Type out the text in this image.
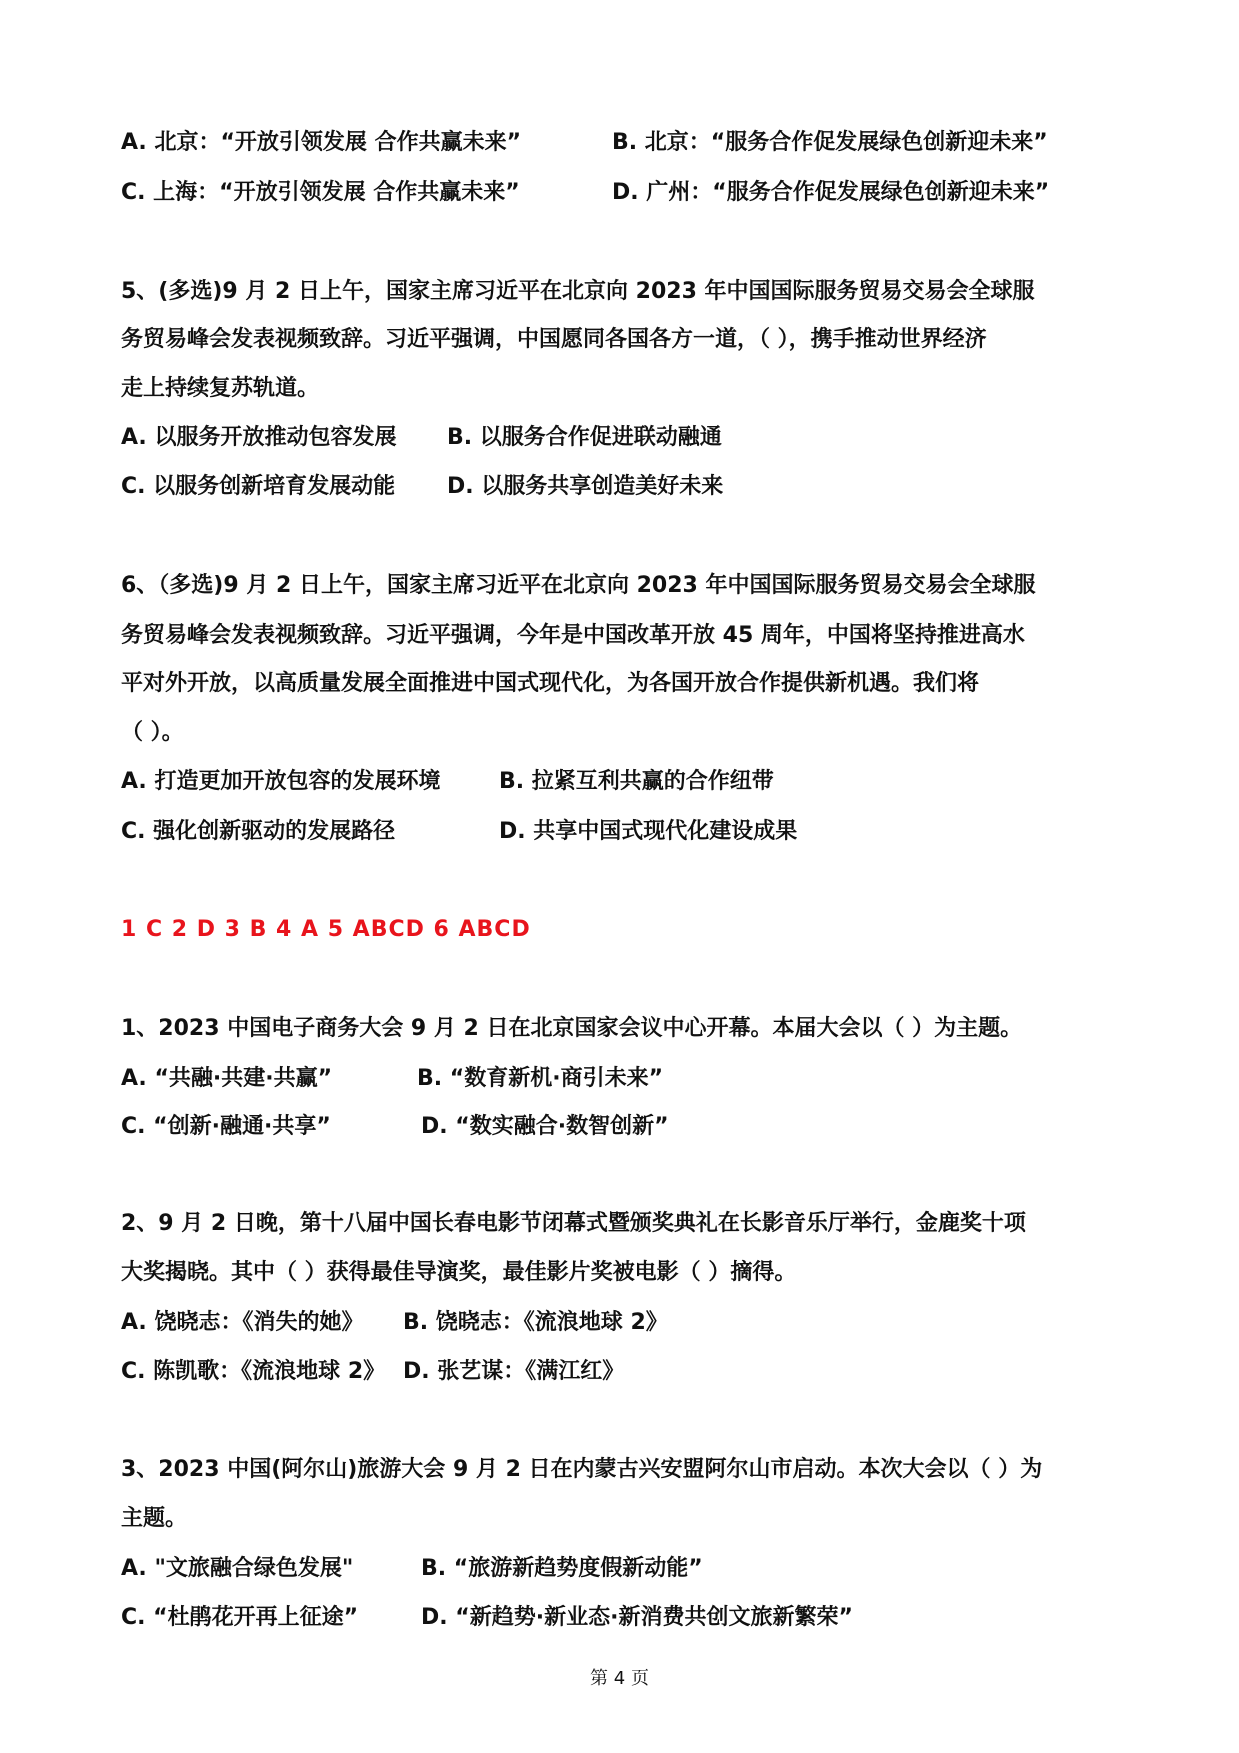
A. 北京：“开放引领发展 合作共赢未来”	B. 北京：“服务合作促发展绿色创新迎未来”
C. 上海：“开放引领发展 合作共赢未来”	D. 广州：“服务合作促发展绿色创新迎未来”
5、(多选)9 月 2 日上午，国家主席习近平在北京向 2023 年中国国际服务贸易交易会全球服
务贸易峰会发表视频致辞。习近平强调，中国愿同各国各方一道，（ ），携手推动世界经济
走上持续复苏轨道。
A. 以服务开放推动包容发展 B. 以服务合作促进联动融通
C. 以服务创新培育发展动能 D. 以服务共享创造美好未来
6、（多选)9 月 2 日上午，国家主席习近平在北京向 2023 年中国国际服务贸易交易会全球服
务贸易峰会发表视频致辞。习近平强调，今年是中国改革开放 45 周年，中国将坚持推进高水
平对外开放，以高质量发展全面推进中国式现代化，为各国开放合作提供新机遇。我们将
（ ）。
A. 打造更加开放包容的发展环境	B. 拉紧互利共赢的合作纽带
C. 强化创新驱动的发展路径	D. 共享中国式现代化建设成果
1 C 2 D 3 B 4 A 5 ABCD 6 ABCD
1、2023 中国电子商务大会 9 月 2 日在北京国家会议中心开幕。本届大会以（ ）为主题。
A. “共融·共建·共赢”	B. “数育新机·商引未来”
C. “创新·融通·共享”	D. “数实融合·数智创新”
2、9 月 2 日晚，第十八届中国长春电影节闭幕式暨颁奖典礼在长影音乐厅举行，金鹿奖十项
大奖揭晓。其中（ ）获得最佳导演奖，最佳影片奖被电影（ ）摘得。
A. 饶晓志：《消失的她》 B. 饶晓志：《流浪地球 2》
C. 陈凯歌：《流浪地球 2》 D. 张艺谋：《满江红》
3、2023 中国(阿尔山)旅游大会 9 月 2 日在内蒙古兴安盟阿尔山市启动。本次大会以（ ）为
主题。
A. "文旅融合绿色发展"	B. “旅游新趋势度假新动能”
C. “杜鹃花开再上征途”	D. “新趋势·新业态·新消费共创文旅新繁荣”
第 4 页
